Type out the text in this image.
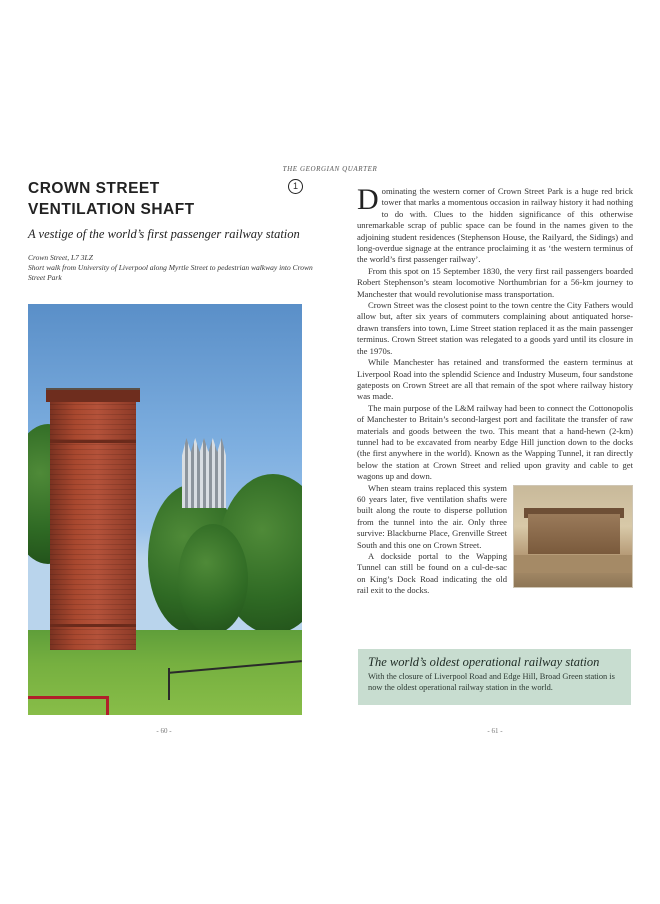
CROWN STREET VENTILATION SHAFT
1
A vestige of the world’s first passenger railway station
Crown Street, L7 3LZ
Short walk from University of Liverpool along Myrtle Street to pedestrian walkway into Crown Street Park
- 60 -
THE GEORGIAN QUARTER

Dominating the western corner of Crown Street Park is a huge red brick tower that marks a momentous occasion in railway history it had nothing to do with. Clues to the hidden significance of this otherwise unremarkable scrap of public space can be found in the names given to the adjoining student residences (Stephenson House, the Railyard, the Sidings) and long-overdue signage at the entrance proclaiming it as ‘the western terminus of the world’s first passenger railway’.

From this spot on 15 September 1830, the very first rail passengers boarded Robert Stephenson’s steam locomotive Northumbrian for a 56-km journey to Manchester that would revolutionise mass transportation.

Crown Street was the closest point to the town centre the City Fathers would allow but, after six years of commuters complaining about antiquated horse-drawn transfers into town, Lime Street station replaced it as the main passenger terminus. Crown Street station was relegated to a goods yard until its closure in the 1970s.

While Manchester has retained and transformed the eastern terminus at Liverpool Road into the splendid Science and Industry Museum, four sandstone gateposts on Crown Street are all that remain of the spot where railway history was made.

The main purpose of the L&M railway had been to connect the Cottonopolis of Manchester to Britain’s second-largest port and facilitate the transfer of raw materials and goods between the two. This meant that a hand-hewn (2-km) tunnel had to be excavated from nearby Edge Hill junction down to the docks (the first anywhere in the world). Known as the Wapping Tunnel, it ran directly below the station at Crown Street and relied upon gravity and cable to get wagons up and down.

When steam trains replaced this system 60 years later, five ventilation shafts were built along the route to disperse pollution from the tunnel into the air. Only three survive: Blackburne Place, Grenville Street South and this one on Crown Street.

A dockside portal to the Wapping Tunnel can still be found on a cul-de-sac on King’s Dock Road indicating the old rail exit to the docks.

The world’s oldest operational railway station
With the closure of Liverpool Road and Edge Hill, Broad Green station is now the oldest operational railway station in the world.
- 61 -
